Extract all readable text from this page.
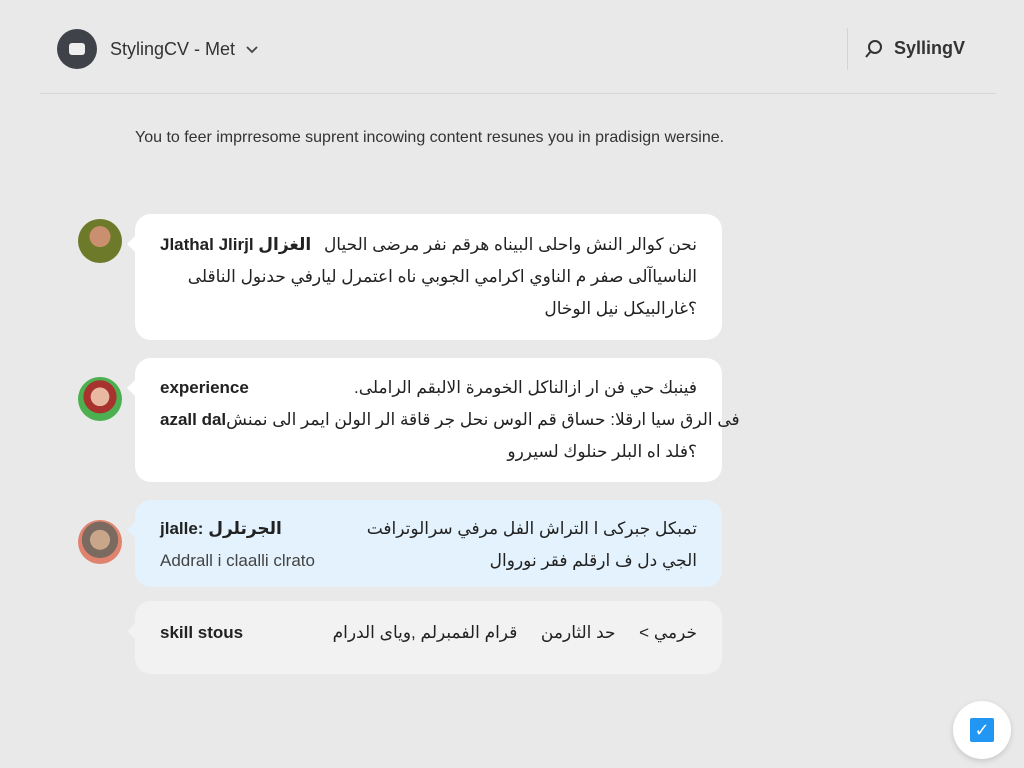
StylingCV - Met	SyllingV
You to feer imprresome suprent incowing content resunes you in pradisign wersine.
Jlathal Jlirjl الغزال نحن كوالر النش واحلى البيناه هرقم نفر مرضى الحيال
الناسياآلى صفر م الناوي اكرامي الجوبي ناه اعتمرل ليارفي حدنول الناقلى
؟غارالبيكل نيل الوخال
experience	فينبك حي فن ار ازالناكل الخومرة الالبقم الراملى.
azall dal فى الرق سيا ارقلا: حساق قم الوس نحل جر قاقة الر الولن ايمر الى نمنش
؟فلد اه البلر حنلوك لسيررو
jlalle: الجرتلرل	تمبكل جبركى ا التراش الفل مرفي سرالوترافت
Addrall i claalli clrato	الجي دل ف ارقلم فقر نوروال
skill stous	خرمي >     حد الثارمن     قرام الفمبرلم ,وياى الدرام
✓
